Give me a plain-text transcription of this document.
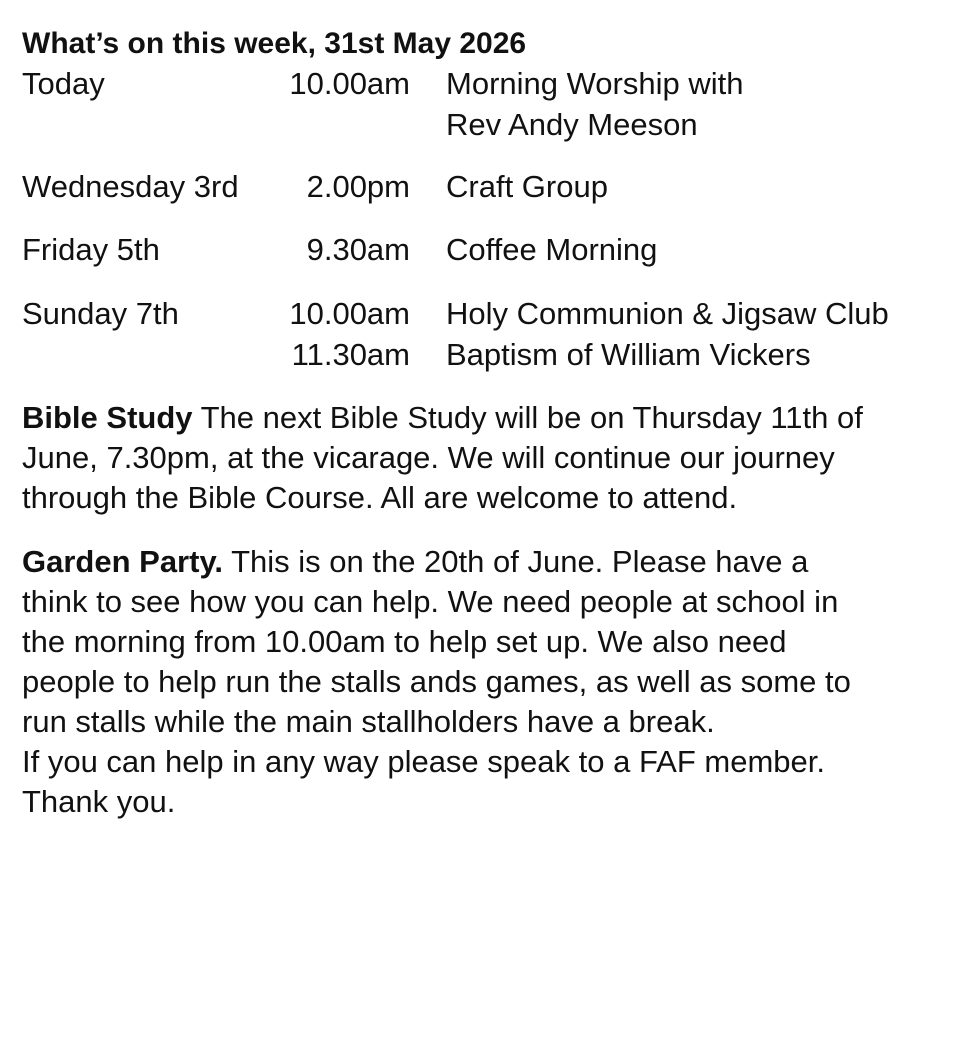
What’s on this week, 31st May 2026
Today	10.00am Morning Worship with
Rev Andy Meeson
Wednesday 3rd	2.00pm Craft Group
Friday 5th	9.30am Coffee Morning
Sunday 7th	10.00am Holy Communion & Jigsaw Club
11.30am Baptism of William Vickers
Bible Study The next Bible Study will be on Thursday 11th of
June, 7.30pm, at the vicarage. We will continue our journey
through the Bible Course. All are welcome to attend.
Garden Party. This is on the 20th of June. Please have a
think to see how you can help. We need people at school in
the morning from 10.00am to help set up. We also need
people to help run the stalls ands games, as well as some to
run stalls while the main stallholders have a break.
If you can help in any way please speak to a FAF member.
Thank you.
